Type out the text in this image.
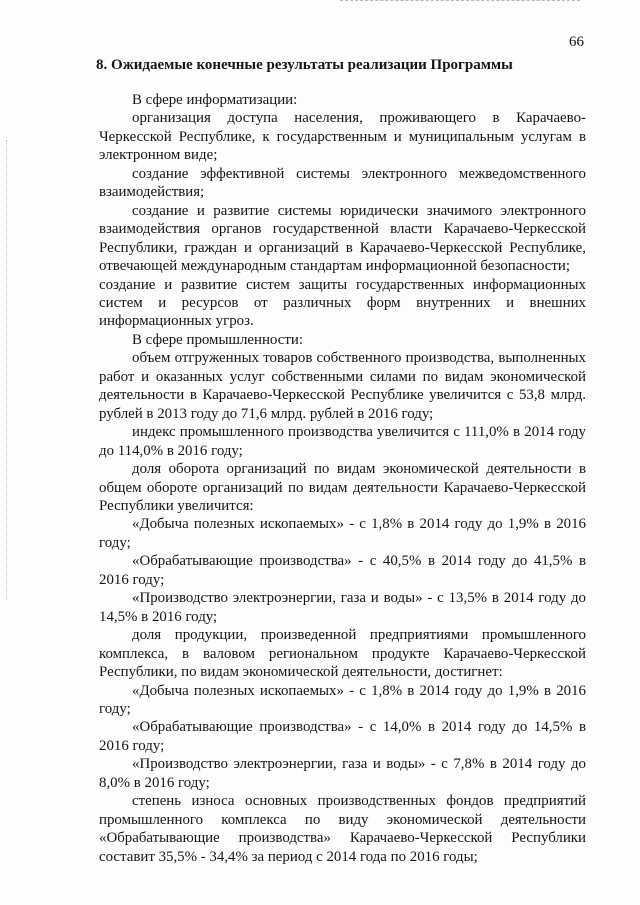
66
8. Ожидаемые конечные результаты реализации Программы

В сфере информатизации:

организация доступа населения, проживающего в Карачаево-Черкесской Республике, к государственным и муниципальным услугам в электронном виде;

создание эффективной системы электронного межведомственного взаимодействия;

создание и развитие системы юридически значимого электронного взаимодействия органов государственной власти Карачаево-Черкесской Республики, граждан и организаций в Карачаево-Черкесской Республике, отвечающей международным стандартам информационной безопасности;

создание и развитие систем защиты государственных информационных систем и ресурсов от различных форм внутренних и внешних информационных угроз.

В сфере промышленности:

объем отгруженных товаров собственного производства, выполненных работ и оказанных услуг собственными силами по видам экономической деятельности в Карачаево-Черкесской Республике увеличится с 53,8 млрд. рублей в 2013 году до 71,6 млрд. рублей в 2016 году;

индекс промышленного производства увеличится с 111,0% в 2014 году до 114,0% в 2016 году;

доля оборота организаций по видам экономической деятельности в общем обороте организаций по видам деятельности Карачаево-Черкесской Республики увеличится:

«Добыча полезных ископаемых» - с 1,8% в 2014 году до 1,9% в 2016 году;

«Обрабатывающие производства» - с 40,5% в 2014 году до 41,5% в 2016 году;

«Производство электроэнергии, газа и воды» - с 13,5% в 2014 году до 14,5% в 2016 году;

доля продукции, произведенной предприятиями промышленного комплекса, в валовом региональном продукте Карачаево-Черкесской Республики, по видам экономической деятельности, достигнет:

«Добыча полезных ископаемых» - с 1,8% в 2014 году до 1,9% в 2016 году;

«Обрабатывающие производства» - с 14,0% в 2014 году до 14,5% в 2016 году;

«Производство электроэнергии, газа и воды» - с 7,8% в 2014 году до 8,0% в 2016 году;

степень износа основных производственных фондов предприятий промышленного комплекса по виду экономической деятельности «Обрабатывающие производства» Карачаево-Черкесской Республики составит 35,5% - 34,4% за период с 2014 года по 2016 годы;
